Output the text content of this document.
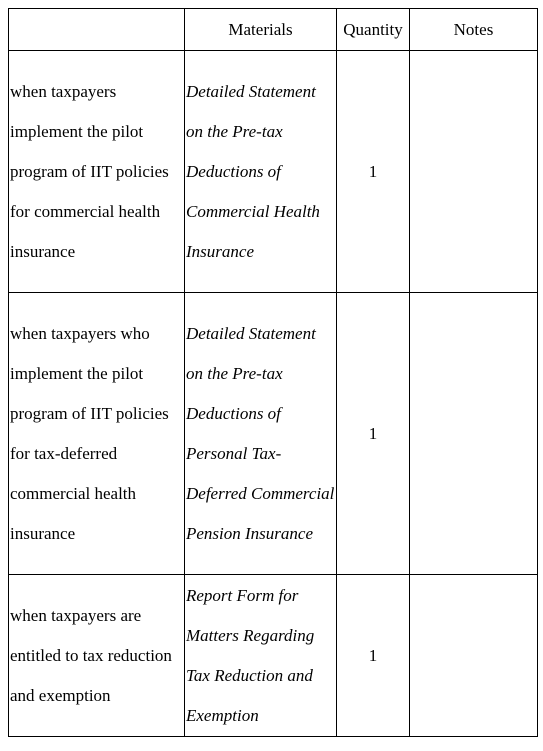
	Materials	Quantity	Notes

when taxpayers implement the pilot program of IIT policies for commercial health insurance	Detailed Statement on the Pre-tax Deductions of Commercial Health Insurance	1	

when taxpayers who implement the pilot program of IIT policies for tax-deferred commercial health insurance	Detailed Statement on the Pre-tax Deductions of Personal Tax-Deferred Commercial Pension Insurance	1	

when taxpayers are entitled to tax reduction and exemption	Report Form for Matters Regarding Tax Reduction and Exemption	1	
